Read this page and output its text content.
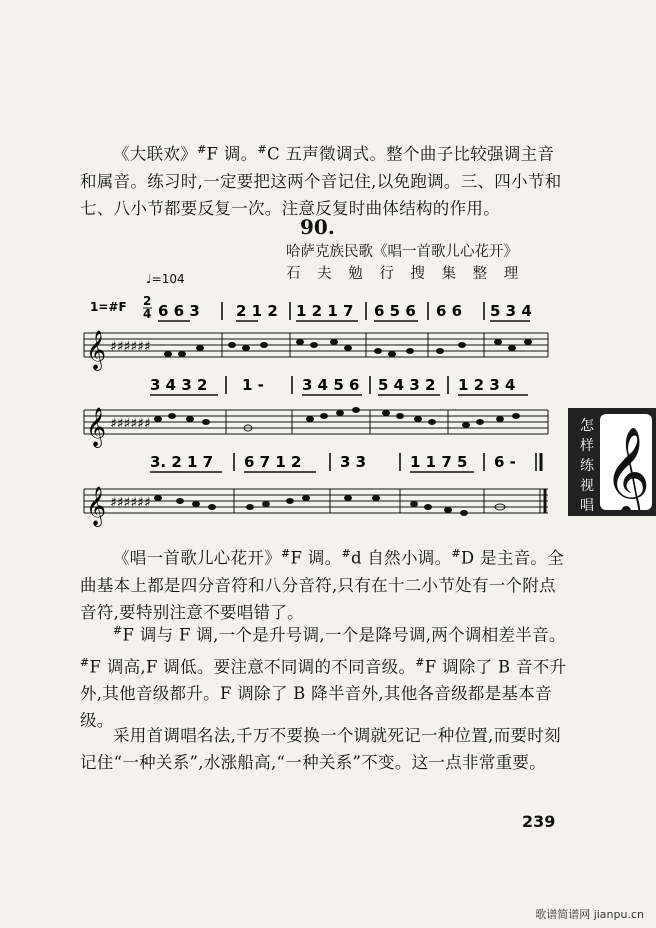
《大联欢》#F 调。#C 五声徵调式。整个曲子比较强调主音和属音。练习时,一定要把这两个音记住,以免跑调。三、四小节和七、八小节都要反复一次。注意反复时曲体结构的作用。
90.
哈萨克族民歌《唱一首歌儿心花开》
石 夫 勉 行 搜 集 整 理
♩=104
1=#F 2
4 6 6 3 2 1 2 1 2 1 7 6 5 6 6 6 5 3 4
𝄞 ♯♯♯♯♯♯
3 4 3 2 1 -	3 4 5 6 5 4 3 2 1 2 3 4
𝄞 ♯♯♯♯♯♯
3. 2 1 7 6 7 1 2	3 3	1 1 7 5 6 -
𝄞 ♯♯♯♯♯♯
《唱一首歌儿心花开》#F 调。#d 自然小调。#D 是主音。全曲基本上都是四分音符和八分音符,只有在十二小节处有一个附点音符,要特别注意不要唱错了。
#F 调与 F 调,一个是升号调,一个是降号调,两个调相差半音。#F 调高,F 调低。要注意不同调的不同音级。#F 调除了 B 音不升外,其他音级都升。F 调除了 B 降半音外,其他各音级都是基本音级。
采用首调唱名法,千万不要换一个调就死记一种位置,而要时刻记住“一种关系”,水涨船高,“一种关系”不变。这一点非常重要。
239
怎
样
练
视
唱 𝄞
歌谱简谱网 jianpu.cn
